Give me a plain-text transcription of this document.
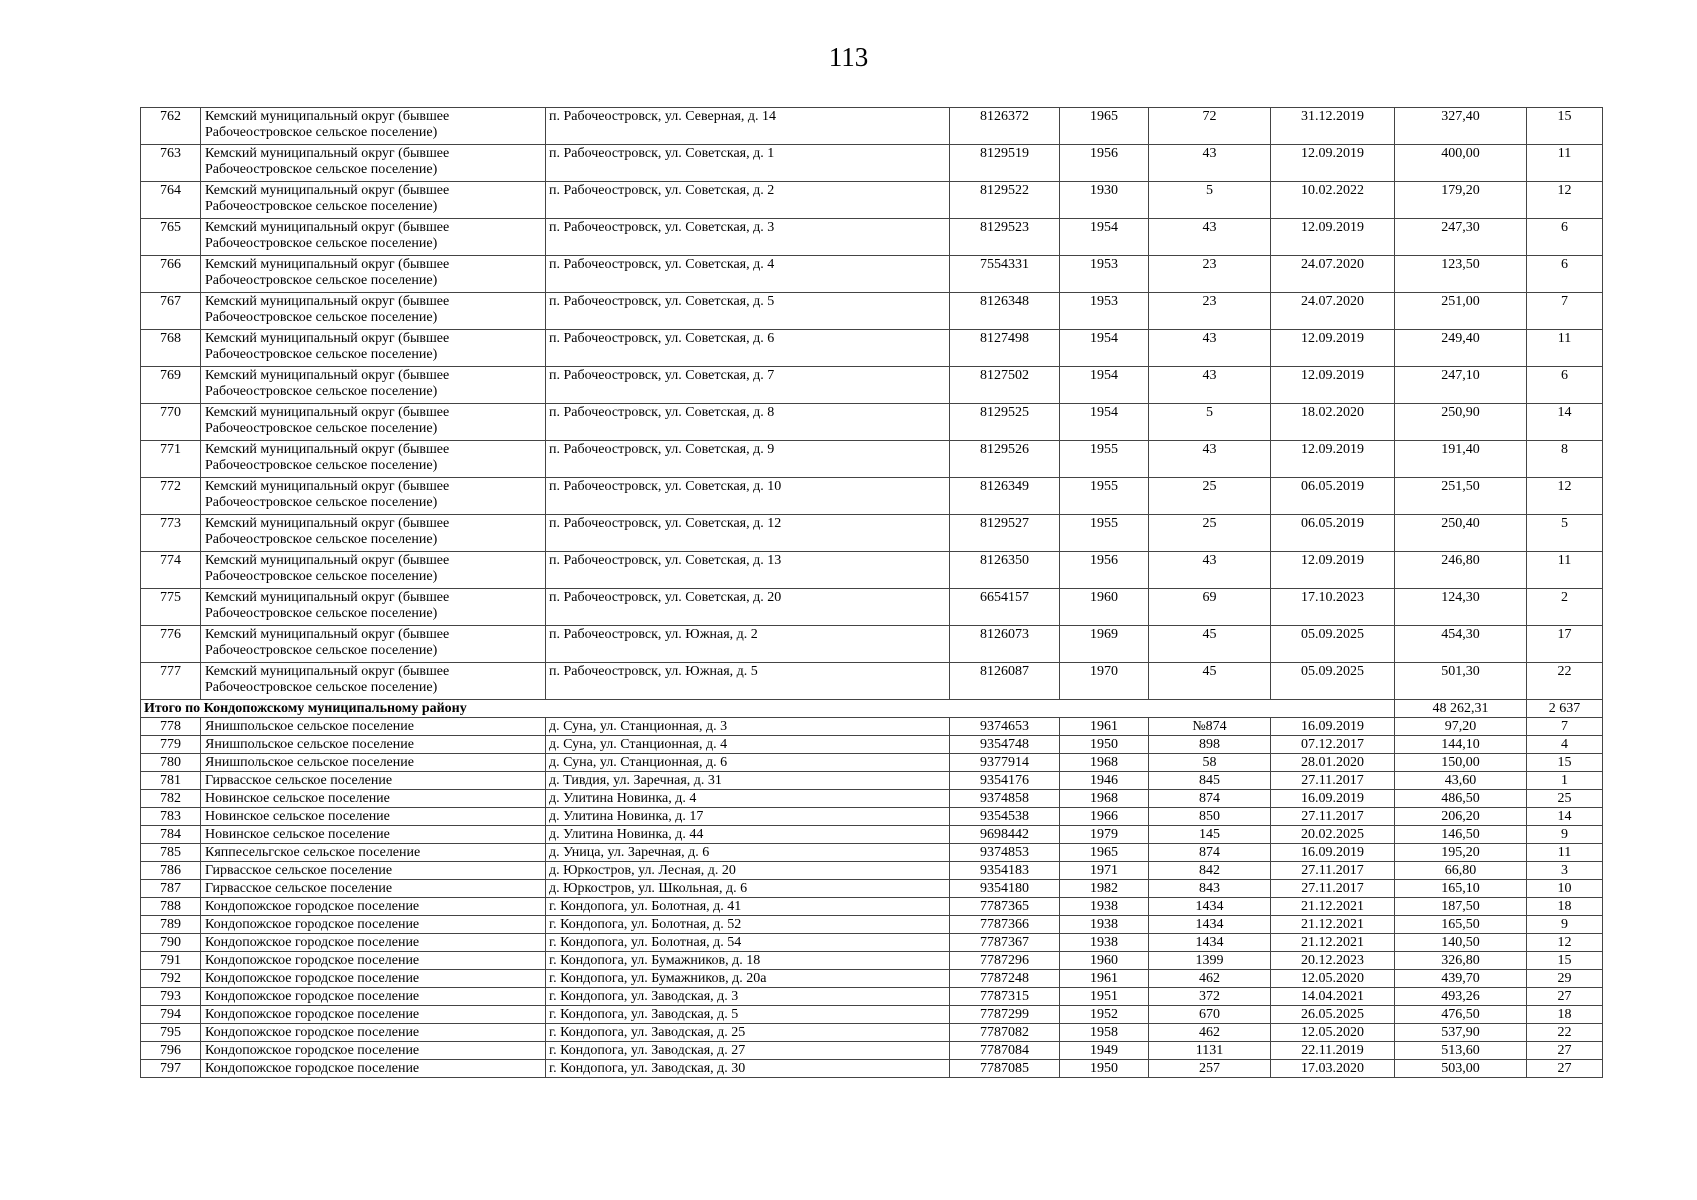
113
762	Кемский муниципальный округ (бывшее Рабочеостровское сельское поселение)	п. Рабочеостровск, ул. Северная, д. 14	8126372	1965	72	31.12.2019	327,40	15
763	Кемский муниципальный округ (бывшее Рабочеостровское сельское поселение)	п. Рабочеостровск, ул. Советская, д. 1	8129519	1956	43	12.09.2019	400,00	11
764	Кемский муниципальный округ (бывшее Рабочеостровское сельское поселение)	п. Рабочеостровск, ул. Советская, д. 2	8129522	1930	5	10.02.2022	179,20	12
765	Кемский муниципальный округ (бывшее Рабочеостровское сельское поселение)	п. Рабочеостровск, ул. Советская, д. 3	8129523	1954	43	12.09.2019	247,30	6
766	Кемский муниципальный округ (бывшее Рабочеостровское сельское поселение)	п. Рабочеостровск, ул. Советская, д. 4	7554331	1953	23	24.07.2020	123,50	6
767	Кемский муниципальный округ (бывшее Рабочеостровское сельское поселение)	п. Рабочеостровск, ул. Советская, д. 5	8126348	1953	23	24.07.2020	251,00	7
768	Кемский муниципальный округ (бывшее Рабочеостровское сельское поселение)	п. Рабочеостровск, ул. Советская, д. 6	8127498	1954	43	12.09.2019	249,40	11
769	Кемский муниципальный округ (бывшее Рабочеостровское сельское поселение)	п. Рабочеостровск, ул. Советская, д. 7	8127502	1954	43	12.09.2019	247,10	6
770	Кемский муниципальный округ (бывшее Рабочеостровское сельское поселение)	п. Рабочеостровск, ул. Советская, д. 8	8129525	1954	5	18.02.2020	250,90	14
771	Кемский муниципальный округ (бывшее Рабочеостровское сельское поселение)	п. Рабочеостровск, ул. Советская, д. 9	8129526	1955	43	12.09.2019	191,40	8
772	Кемский муниципальный округ (бывшее Рабочеостровское сельское поселение)	п. Рабочеостровск, ул. Советская, д. 10	8126349	1955	25	06.05.2019	251,50	12
773	Кемский муниципальный округ (бывшее Рабочеостровское сельское поселение)	п. Рабочеостровск, ул. Советская, д. 12	8129527	1955	25	06.05.2019	250,40	5
774	Кемский муниципальный округ (бывшее Рабочеостровское сельское поселение)	п. Рабочеостровск, ул. Советская, д. 13	8126350	1956	43	12.09.2019	246,80	11
775	Кемский муниципальный округ (бывшее Рабочеостровское сельское поселение)	п. Рабочеостровск, ул. Советская, д. 20	6654157	1960	69	17.10.2023	124,30	2
776	Кемский муниципальный округ (бывшее Рабочеостровское сельское поселение)	п. Рабочеостровск, ул. Южная, д. 2	8126073	1969	45	05.09.2025	454,30	17
777	Кемский муниципальный округ (бывшее Рабочеостровское сельское поселение)	п. Рабочеостровск, ул. Южная, д. 5	8126087	1970	45	05.09.2025	501,30	22
Итого по Кондопожскому муниципальному району							48 262,31	2 637
778	Янишпольское сельское поселение	д. Суна, ул. Станционная, д. 3	9374653	1961	№874	16.09.2019	97,20	7
779	Янишпольское сельское поселение	д. Суна, ул. Станционная, д. 4	9354748	1950	898	07.12.2017	144,10	4
780	Янишпольское сельское поселение	д. Суна, ул. Станционная, д. 6	9377914	1968	58	28.01.2020	150,00	15
781	Гирвасское сельское поселение	д. Тивдия, ул. Заречная, д. 31	9354176	1946	845	27.11.2017	43,60	1
782	Новинское сельское поселение	д. Улитина Новинка, д. 4	9374858	1968	874	16.09.2019	486,50	25
783	Новинское сельское поселение	д. Улитина Новинка, д. 17	9354538	1966	850	27.11.2017	206,20	14
784	Новинское сельское поселение	д. Улитина Новинка, д. 44	9698442	1979	145	20.02.2025	146,50	9
785	Кяппесельгское сельское поселение	д. Уница, ул. Заречная, д. 6	9374853	1965	874	16.09.2019	195,20	11
786	Гирвасское сельское поселение	д. Юркостров, ул. Лесная, д. 20	9354183	1971	842	27.11.2017	66,80	3
787	Гирвасское сельское поселение	д. Юркостров, ул. Школьная, д. 6	9354180	1982	843	27.11.2017	165,10	10
788	Кондопожское городское поселение	г. Кондопога, ул. Болотная, д. 41	7787365	1938	1434	21.12.2021	187,50	18
789	Кондопожское городское поселение	г. Кондопога, ул. Болотная, д. 52	7787366	1938	1434	21.12.2021	165,50	9
790	Кондопожское городское поселение	г. Кондопога, ул. Болотная, д. 54	7787367	1938	1434	21.12.2021	140,50	12
791	Кондопожское городское поселение	г. Кондопога, ул. Бумажников, д. 18	7787296	1960	1399	20.12.2023	326,80	15
792	Кондопожское городское поселение	г. Кондопога, ул. Бумажников, д. 20а	7787248	1961	462	12.05.2020	439,70	29
793	Кондопожское городское поселение	г. Кондопога, ул. Заводская, д. 3	7787315	1951	372	14.04.2021	493,26	27
794	Кондопожское городское поселение	г. Кондопога, ул. Заводская, д. 5	7787299	1952	670	26.05.2025	476,50	18
795	Кондопожское городское поселение	г. Кондопога, ул. Заводская, д. 25	7787082	1958	462	12.05.2020	537,90	22
796	Кондопожское городское поселение	г. Кондопога, ул. Заводская, д. 27	7787084	1949	1131	22.11.2019	513,60	27
797	Кондопожское городское поселение	г. Кондопога, ул. Заводская, д. 30	7787085	1950	257	17.03.2020	503,00	27
